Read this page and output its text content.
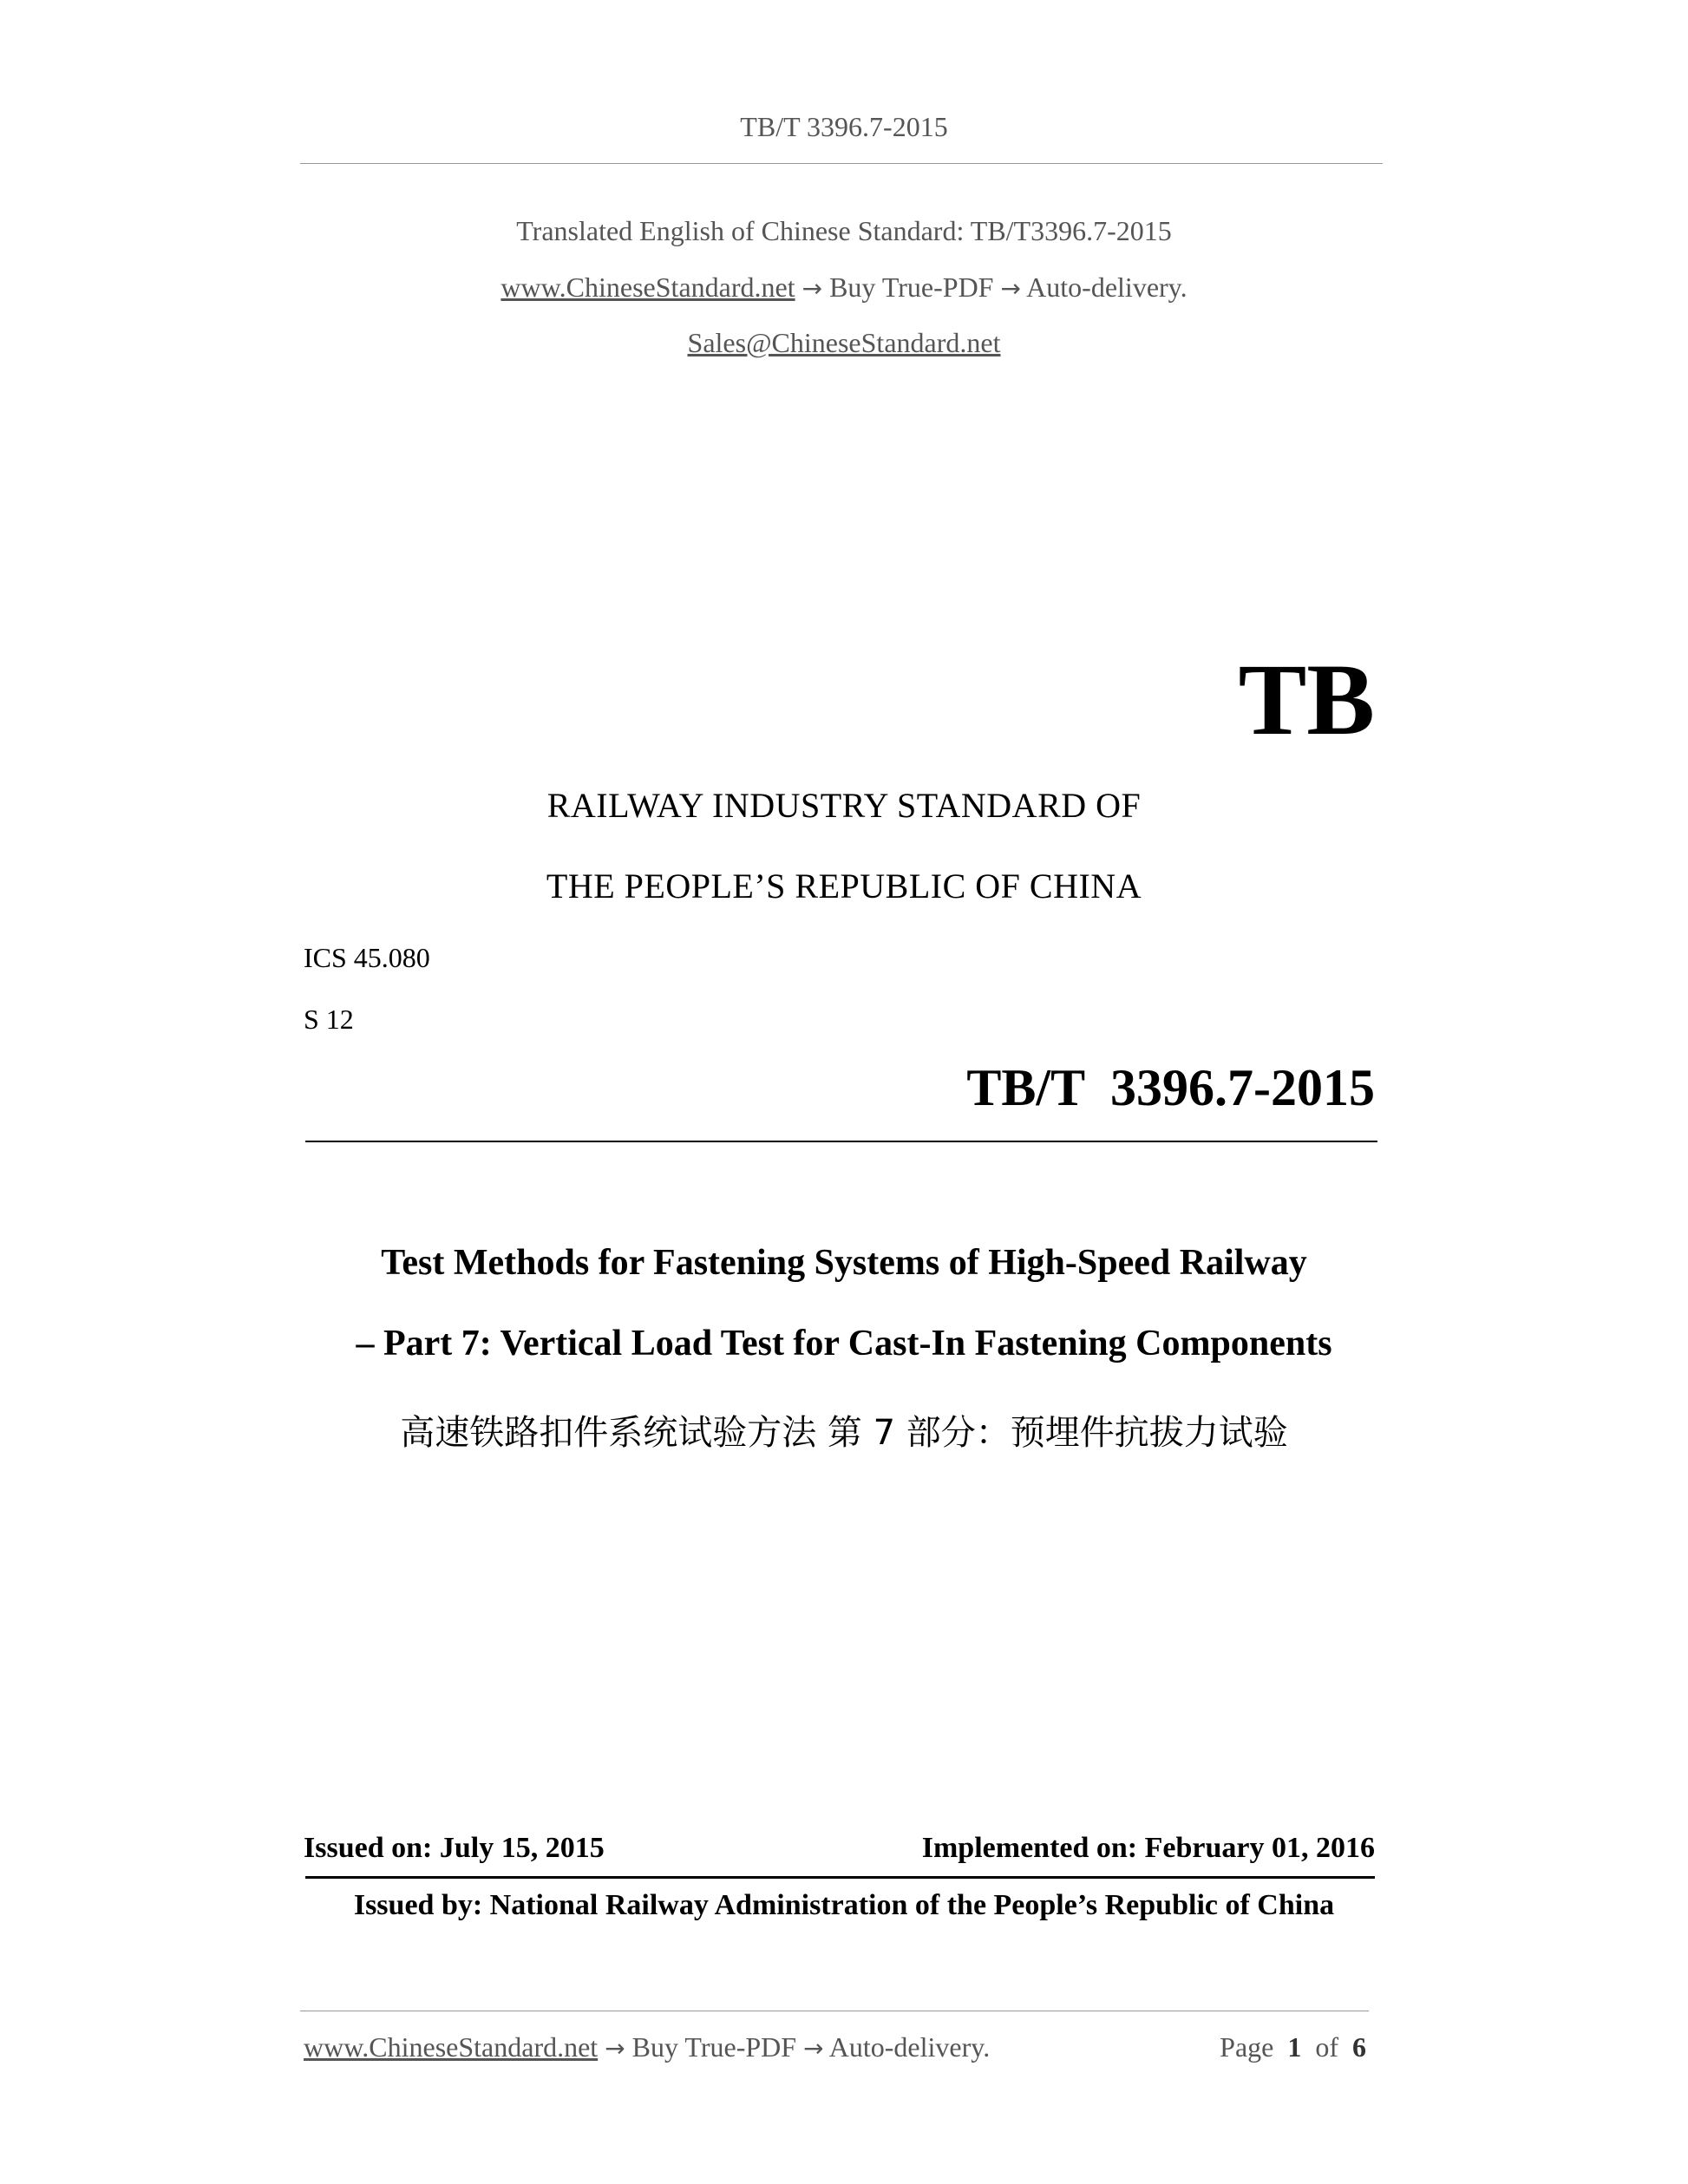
TB/T 3396.7-2015
Translated English of Chinese Standard: TB/T3396.7-2015
www.ChineseStandard.net → Buy True-PDF → Auto-delivery.
Sales@ChineseStandard.net
TB
RAILWAY INDUSTRY STANDARD OF
THE PEOPLE’S REPUBLIC OF CHINA
ICS 45.080
S 12
TB/T  3396.7-2015
Test Methods for Fastening Systems of High-Speed Railway
– Part 7: Vertical Load Test for Cast-In Fastening Components
高速铁路扣件系统试验方法 第 7 部分：预埋件抗拔力试验
Issued on: July 15, 2015	Implemented on: February 01, 2016
Issued by: National Railway Administration of the People’s Republic of China
www.ChineseStandard.net → Buy True-PDF → Auto-delivery.	Page 1 of 6
